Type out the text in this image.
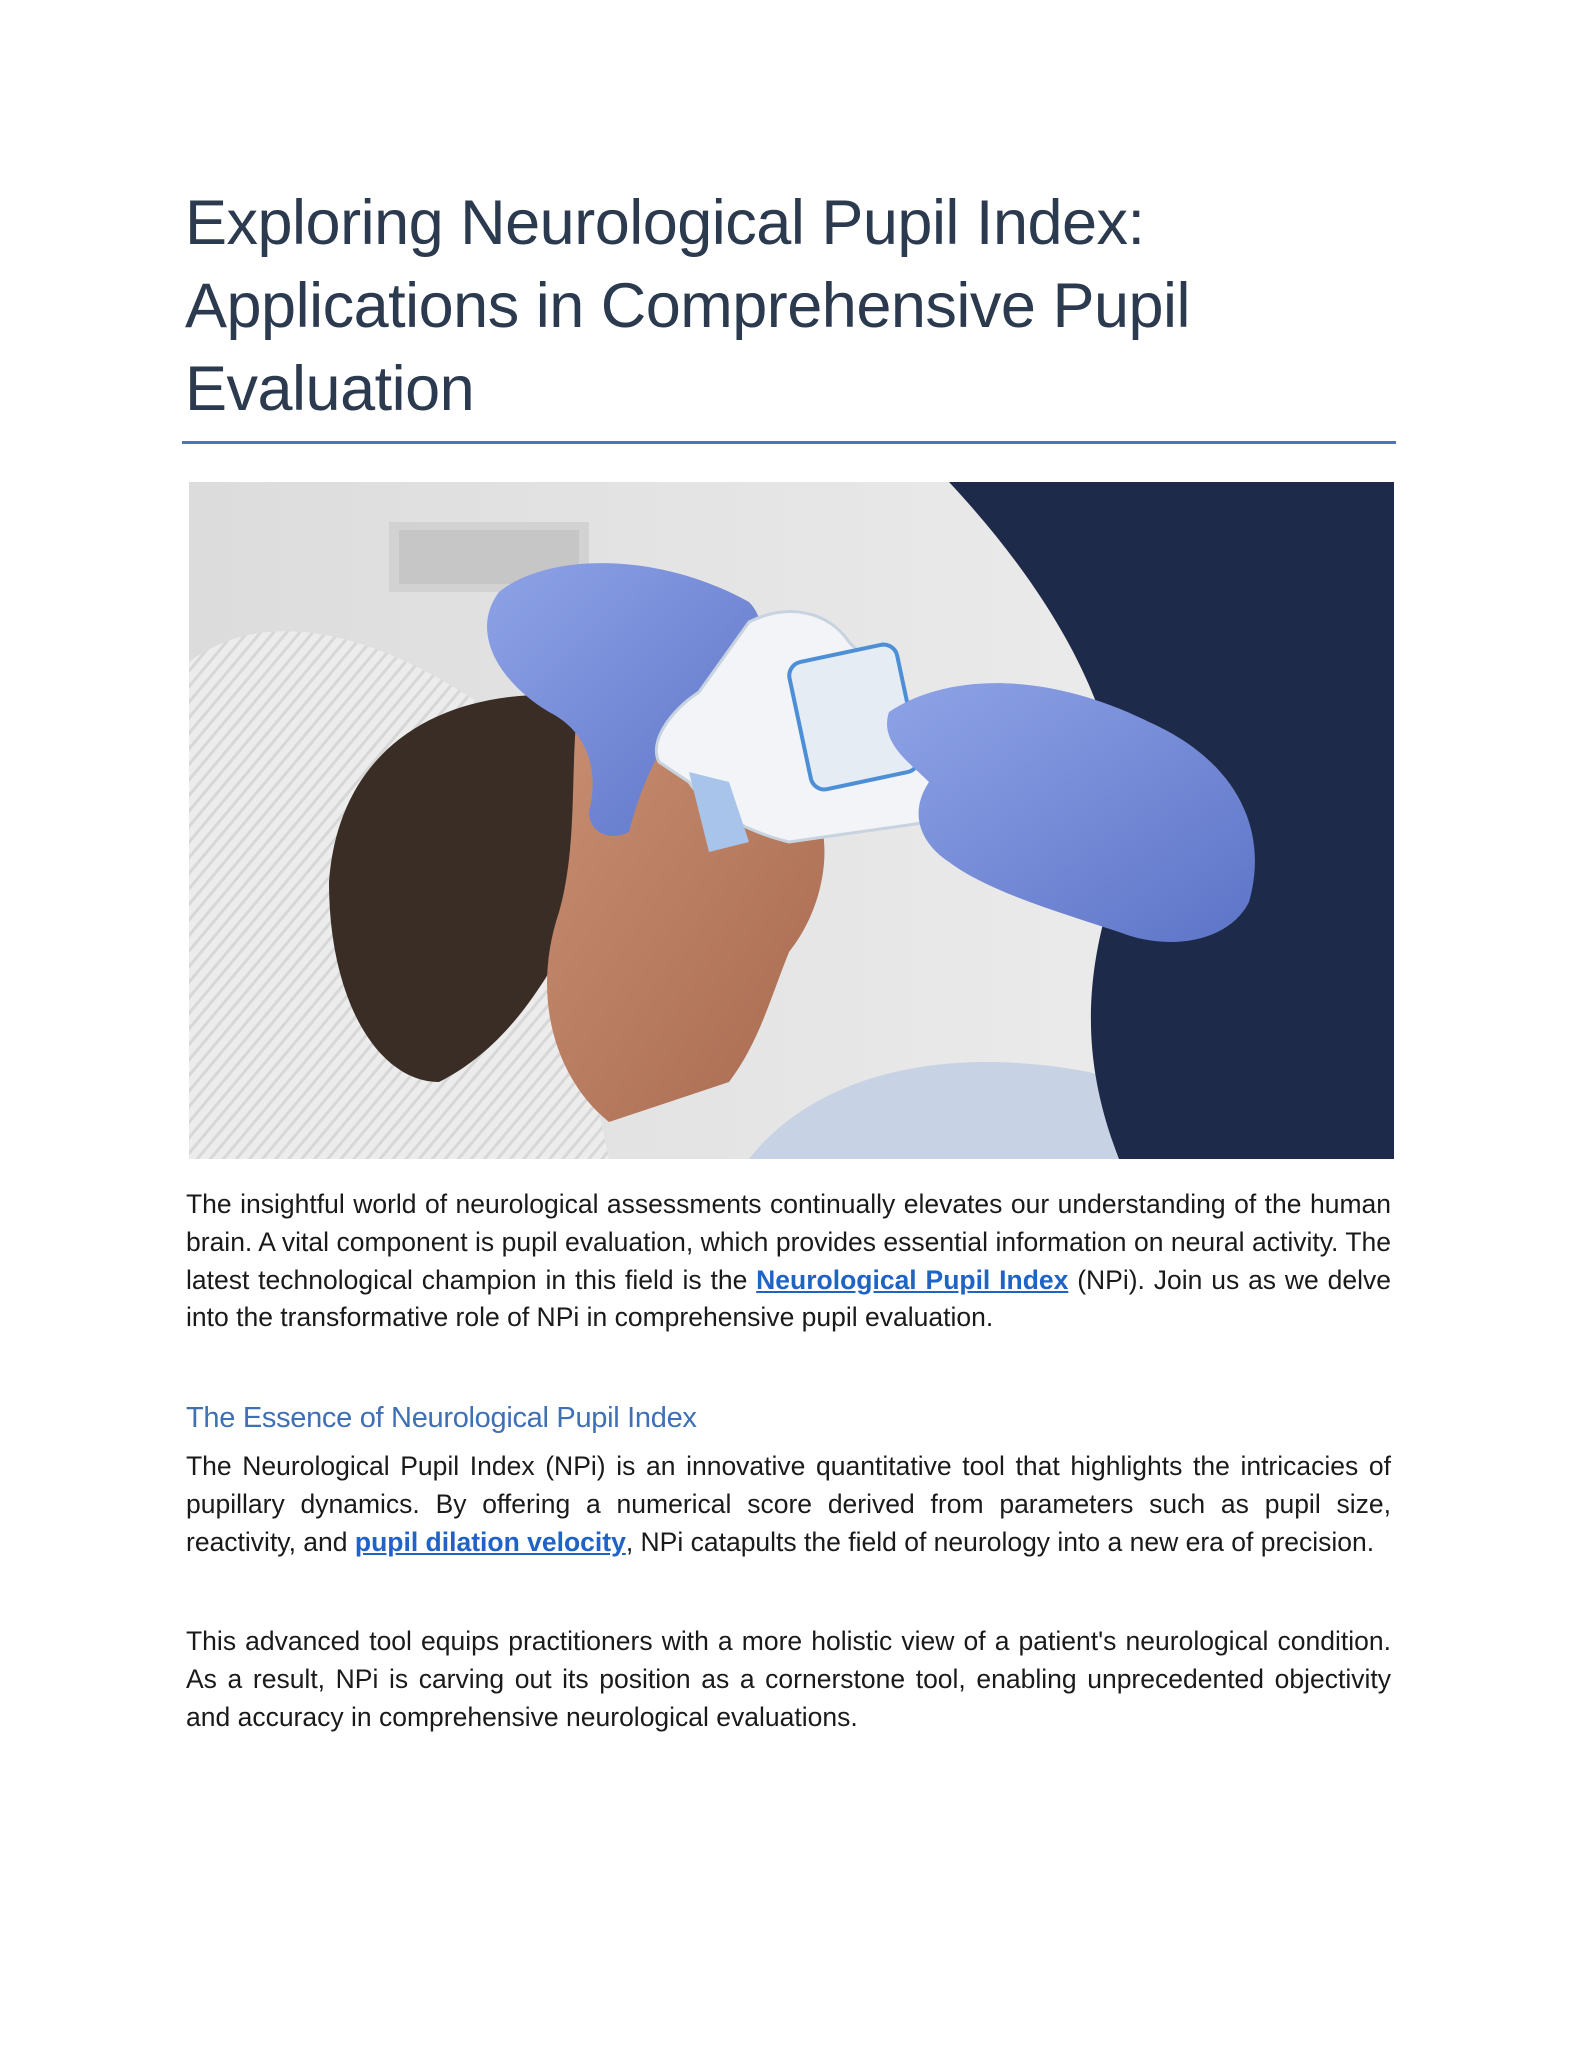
Exploring Neurological Pupil Index: Applications in Comprehensive Pupil Evaluation

The insightful world of neurological assessments continually elevates our understanding of the human brain. A vital component is pupil evaluation, which provides essential information on neural activity. The latest technological champion in this field is the Neurological Pupil Index (NPi). Join us as we delve into the transformative role of NPi in comprehensive pupil evaluation.

The Essence of Neurological Pupil Index

The Neurological Pupil Index (NPi) is an innovative quantitative tool that highlights the intricacies of pupillary dynamics. By offering a numerical score derived from parameters such as pupil size, reactivity, and pupil dilation velocity, NPi catapults the field of neurology into a new era of precision.

This advanced tool equips practitioners with a more holistic view of a patient's neurological condition. As a result, NPi is carving out its position as a cornerstone tool, enabling unprecedented objectivity and accuracy in comprehensive neurological evaluations.
